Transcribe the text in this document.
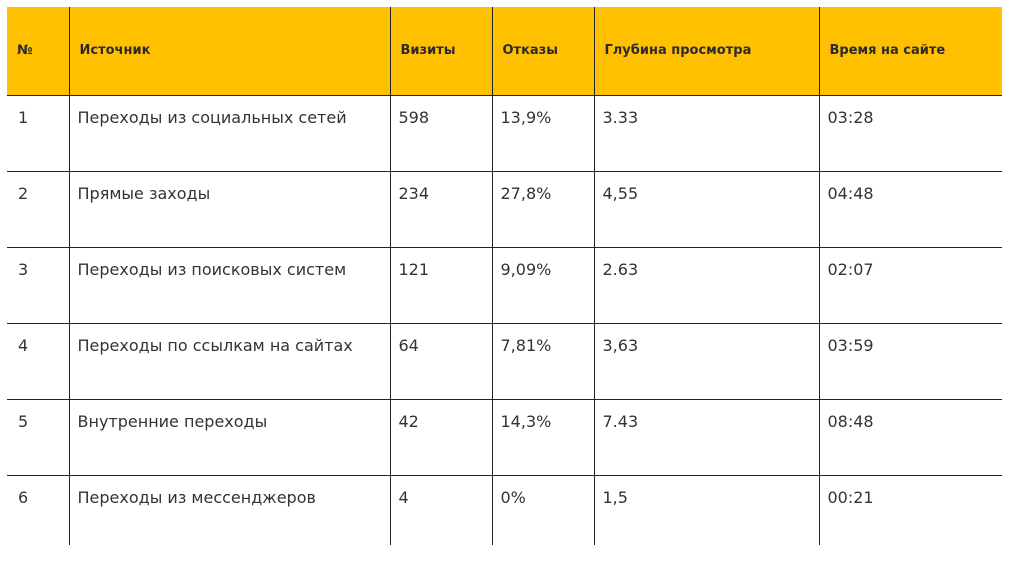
№	Источник	Визиты	Отказы	Глубина просмотра	Время на сайте
1	Переходы из социальных сетей	598	13,9%	3.33	03:28
2	Прямые заходы	234	27,8%	4,55	04:48
3	Переходы из поисковых систем	121	9,09%	2.63	02:07
4	Переходы по ссылкам на сайтах	64	7,81%	3,63	03:59
5	Внутренние переходы	42	14,3%	7.43	08:48
6	Переходы из мессенджеров	4	0%	1,5	00:21
